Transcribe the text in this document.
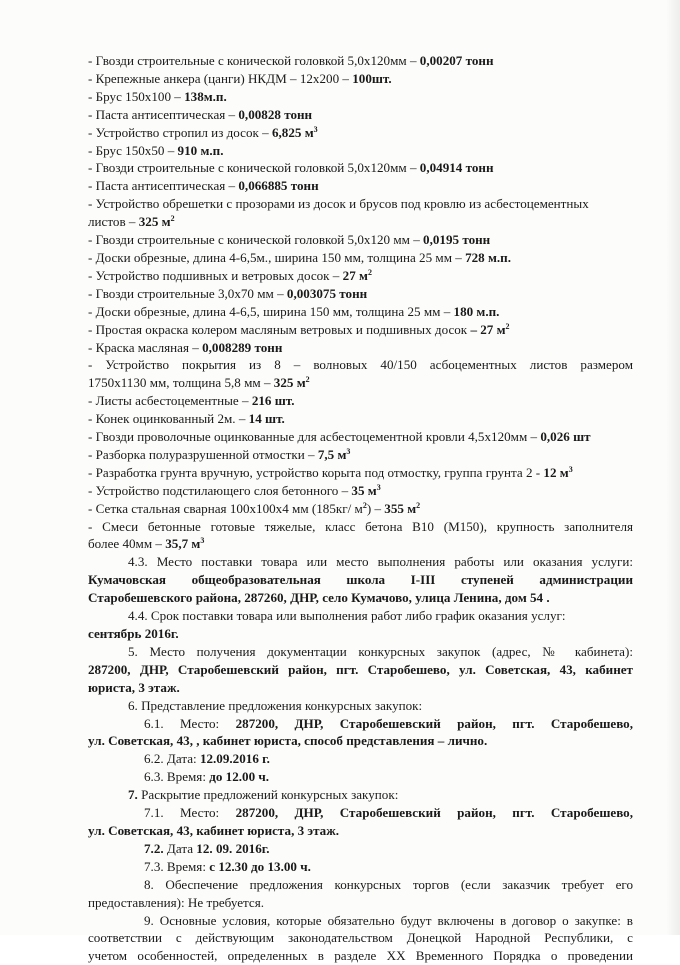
- Гвозди строительные с конической головкой 5,0х120мм – 0,00207 тонн
- Крепежные анкера (цанги) НКДМ – 12х200 – 100шт.
- Брус 150х100 – 138м.п.
- Паста антисептическая – 0,00828 тонн
- Устройство стропил из досок – 6,825 $м^3$
- Брус 150х50 – 910 м.п.
- Гвозди строительные с конической головкой 5,0х120мм – 0,04914 тонн
- Паста антисептическая – 0,066885 тонн
- Устройство обрешетки с прозорами из досок и брусов под кровлю из асбестоцементных
листов – 325 $м^2$
- Гвозди строительные с конической головкой 5,0х120 мм – 0,0195 тонн
- Доски обрезные, длина 4-6,5м., ширина 150 мм, толщина 25 мм – 728 м.п.
- Устройство подшивных и ветровых досок – 27 $м^2$
- Гвозди строительные 3,0х70 мм – 0,003075 тонн
- Доски обрезные, длина 4-6,5, ширина 150 мм, толщина 25 мм – 180 м.п.
- Простая окраска колером масляным ветровых и подшивных досок – 27 $м^2$
- Краска масляная – 0,008289 тонн
- Устройство покрытия из 8 – волновых 40/150 асбоцементных листов размером
1750х1130 мм, толщина 5,8 мм – 325 $м^2$
- Листы асбестоцементные – 216 шт.
- Конек оцинкованный 2м. – 14 шт.
- Гвозди проволочные оцинкованные для асбестоцементной кровли 4,5х120мм – 0,026 шт
- Разборка полуразрушенной отмостки – 7,5 $м^3$
- Разработка грунта вручную, устройство корыта под отмостку, группа грунта 2 - 12 $м^3$
- Устройство подстилающего слоя бетонного – 35 $м^3$
- Сетка стальная сварная 100х100х4 мм (185кг/ $м^2) - 355$ $м^2$
- Смеси бетонные готовые тяжелые, класс бетона В10 (М150), крупность заполнителя
более 40мм – 35,7 $м^3$
4.3. Место поставки товара или место выполнения работы или оказания услуги:
Кумачовская общеобразовательная школа I-III ступеней администрации
Старобешевского района, 287260, ДНР, село Кумачово, улица Ленина, дом 54 .
4.4. Срок поставки товара или выполнения работ либо график оказания услуг:
сентябрь 2016г.
5. Место получения документации конкурсных закупок (адрес, № кабинета):
287200, ДНР, Старобешевский район, пгт. Старобешево, ул. Советская, 43, кабинет
юриста, 3 этаж.
6. Представление предложения конкурсных закупок:
6.1. Место: 287200, ДНР, Старобешевский район, пгт. Старобешево,
ул. Советская, 43, , кабинет юриста, способ представления – лично.
6.2. Дата: 12.09.2016 г.
6.3. Время: до 12.00 ч.
7. Раскрытие предложений конкурсных закупок:
7.1. Место: 287200, ДНР, Старобешевский район, пгт. Старобешево,
ул. Советская, 43, кабинет юриста, 3 этаж.
7.2. Дата 12. 09. 2016г.
7.3. Время: с 12.30 до 13.00 ч.
8. Обеспечение предложения конкурсных торгов (если заказчик требует его
предоставления): Не требуется.
9. Основные условия, которые обязательно будут включены в договор о закупке: в
соответствии с действующим законодательством Донецкой Народной Республики, с
учетом особенностей, определенных в разделе XX Временного Порядка о проведении
